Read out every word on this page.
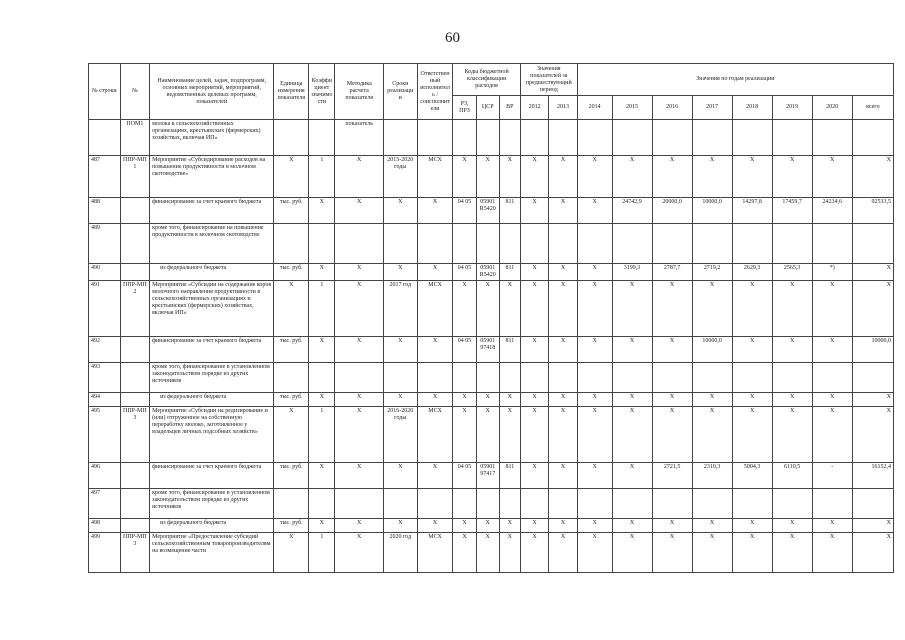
60
№ строки	№	Наименование целей, задач, подпрограмм, основных мероприятий, мероприятий, ведомственных целевых программ, показателей	Единица измерения показателя	Коэффициент значимости	Методика расчета показателя	Сроки реализации	Ответственный исполнитель / соисполнители	Коды бюджетной классификации расходов			Значения показателей за предшествующий период		Значения по годам реализации							
								РЗ, ПРЗ	ЦСР	ВР	2012	2013	2014	2015	2016	2017	2018	2019	2020	всего
	ПОМ1	молока в сельскохозяйственных организациях, крестьянских (фермерских) хозяйствах, включая ИП»			показатель															
487	ППР-МП 1	Мероприятие «Субсидирование расходов на повышение продуктивности в молочном скотоводстве»	Х	1	Х	2015-2020 годы	МСХ	Х	Х	Х	Х	Х	Х	Х	Х	Х	Х	Х	Х	Х
488		финансирование за счет краевого бюджета	тыс. руб.	Х	Х	Х	Х	04 05	05901 R5420	811	Х	Х	Х	24742,9	20000,0	10000,0	14297,8	17459,7	24234,6	92533,5
489		кроме того, финансирование на повышение продуктивности в молочном скотоводстве																		
490		из федерального бюджета	тыс. руб.	Х	Х	Х	Х	04 05	05901 R5420	811	Х	Х	Х	3199,3	2787,7	2719,2	2629,3	2565,3	*)	Х
491	ППР-МП 2	Мероприятие «Субсидии на содержание коров молочного направления продуктивности в сельскохозяйственных организациях и крестьянских (фермерских) хозяйствах, включая ИП»	Х	1	Х	2017 год	МСХ	Х	Х	Х	Х	Х	Х	Х	Х	Х	Х	Х	Х	Х
492		финансирование за счет краевого бюджета	тыс. руб.	Х	Х	Х	Х	04 05	05901 97418	811	Х	Х	Х	Х	Х	10000,0	Х	Х	Х	10000,0
493		кроме того, финансирование в установленном законодательством порядке из других источников																		
494		из федерального бюджета	тыс. руб.	Х	Х	Х	Х	Х	Х	Х	Х	Х	Х	Х	Х	Х	Х	Х	Х	Х
495	ППР-МП 3	Мероприятие «Субсидии на редизирование и (или) отгруженное на собственную переработку молоко, заготовленное у владельцев личных подсобных хозяйств»	Х	1	Х	2016-2020 годы	МСХ	Х	Х	Х	Х	Х	Х	Х	Х	Х	Х	Х	Х	Х
496		финансирование за счет краевого бюджета	тыс. руб.	Х	Х	Х	Х	04 05	05901 97417	811	Х	Х	Х	Х	2721,5	2310,3	5004,3	6110,5	-	16152,4
497		кроме того, финансирование в установленном законодательством порядке из других источников																		
498		из федерального бюджета	тыс. руб.	Х	Х	Х	Х	Х	Х	Х	Х	Х	Х	Х	Х	Х	Х	Х	Х	Х
499	ППР-МП 3	Мероприятие «Предоставление субсидий сельскохозяйственным товаропроизводителям на возмещение части	Х	1	Х	2020 год	МСХ	Х	Х	Х	Х	Х	Х	Х	Х	Х	Х	Х	Х	Х
